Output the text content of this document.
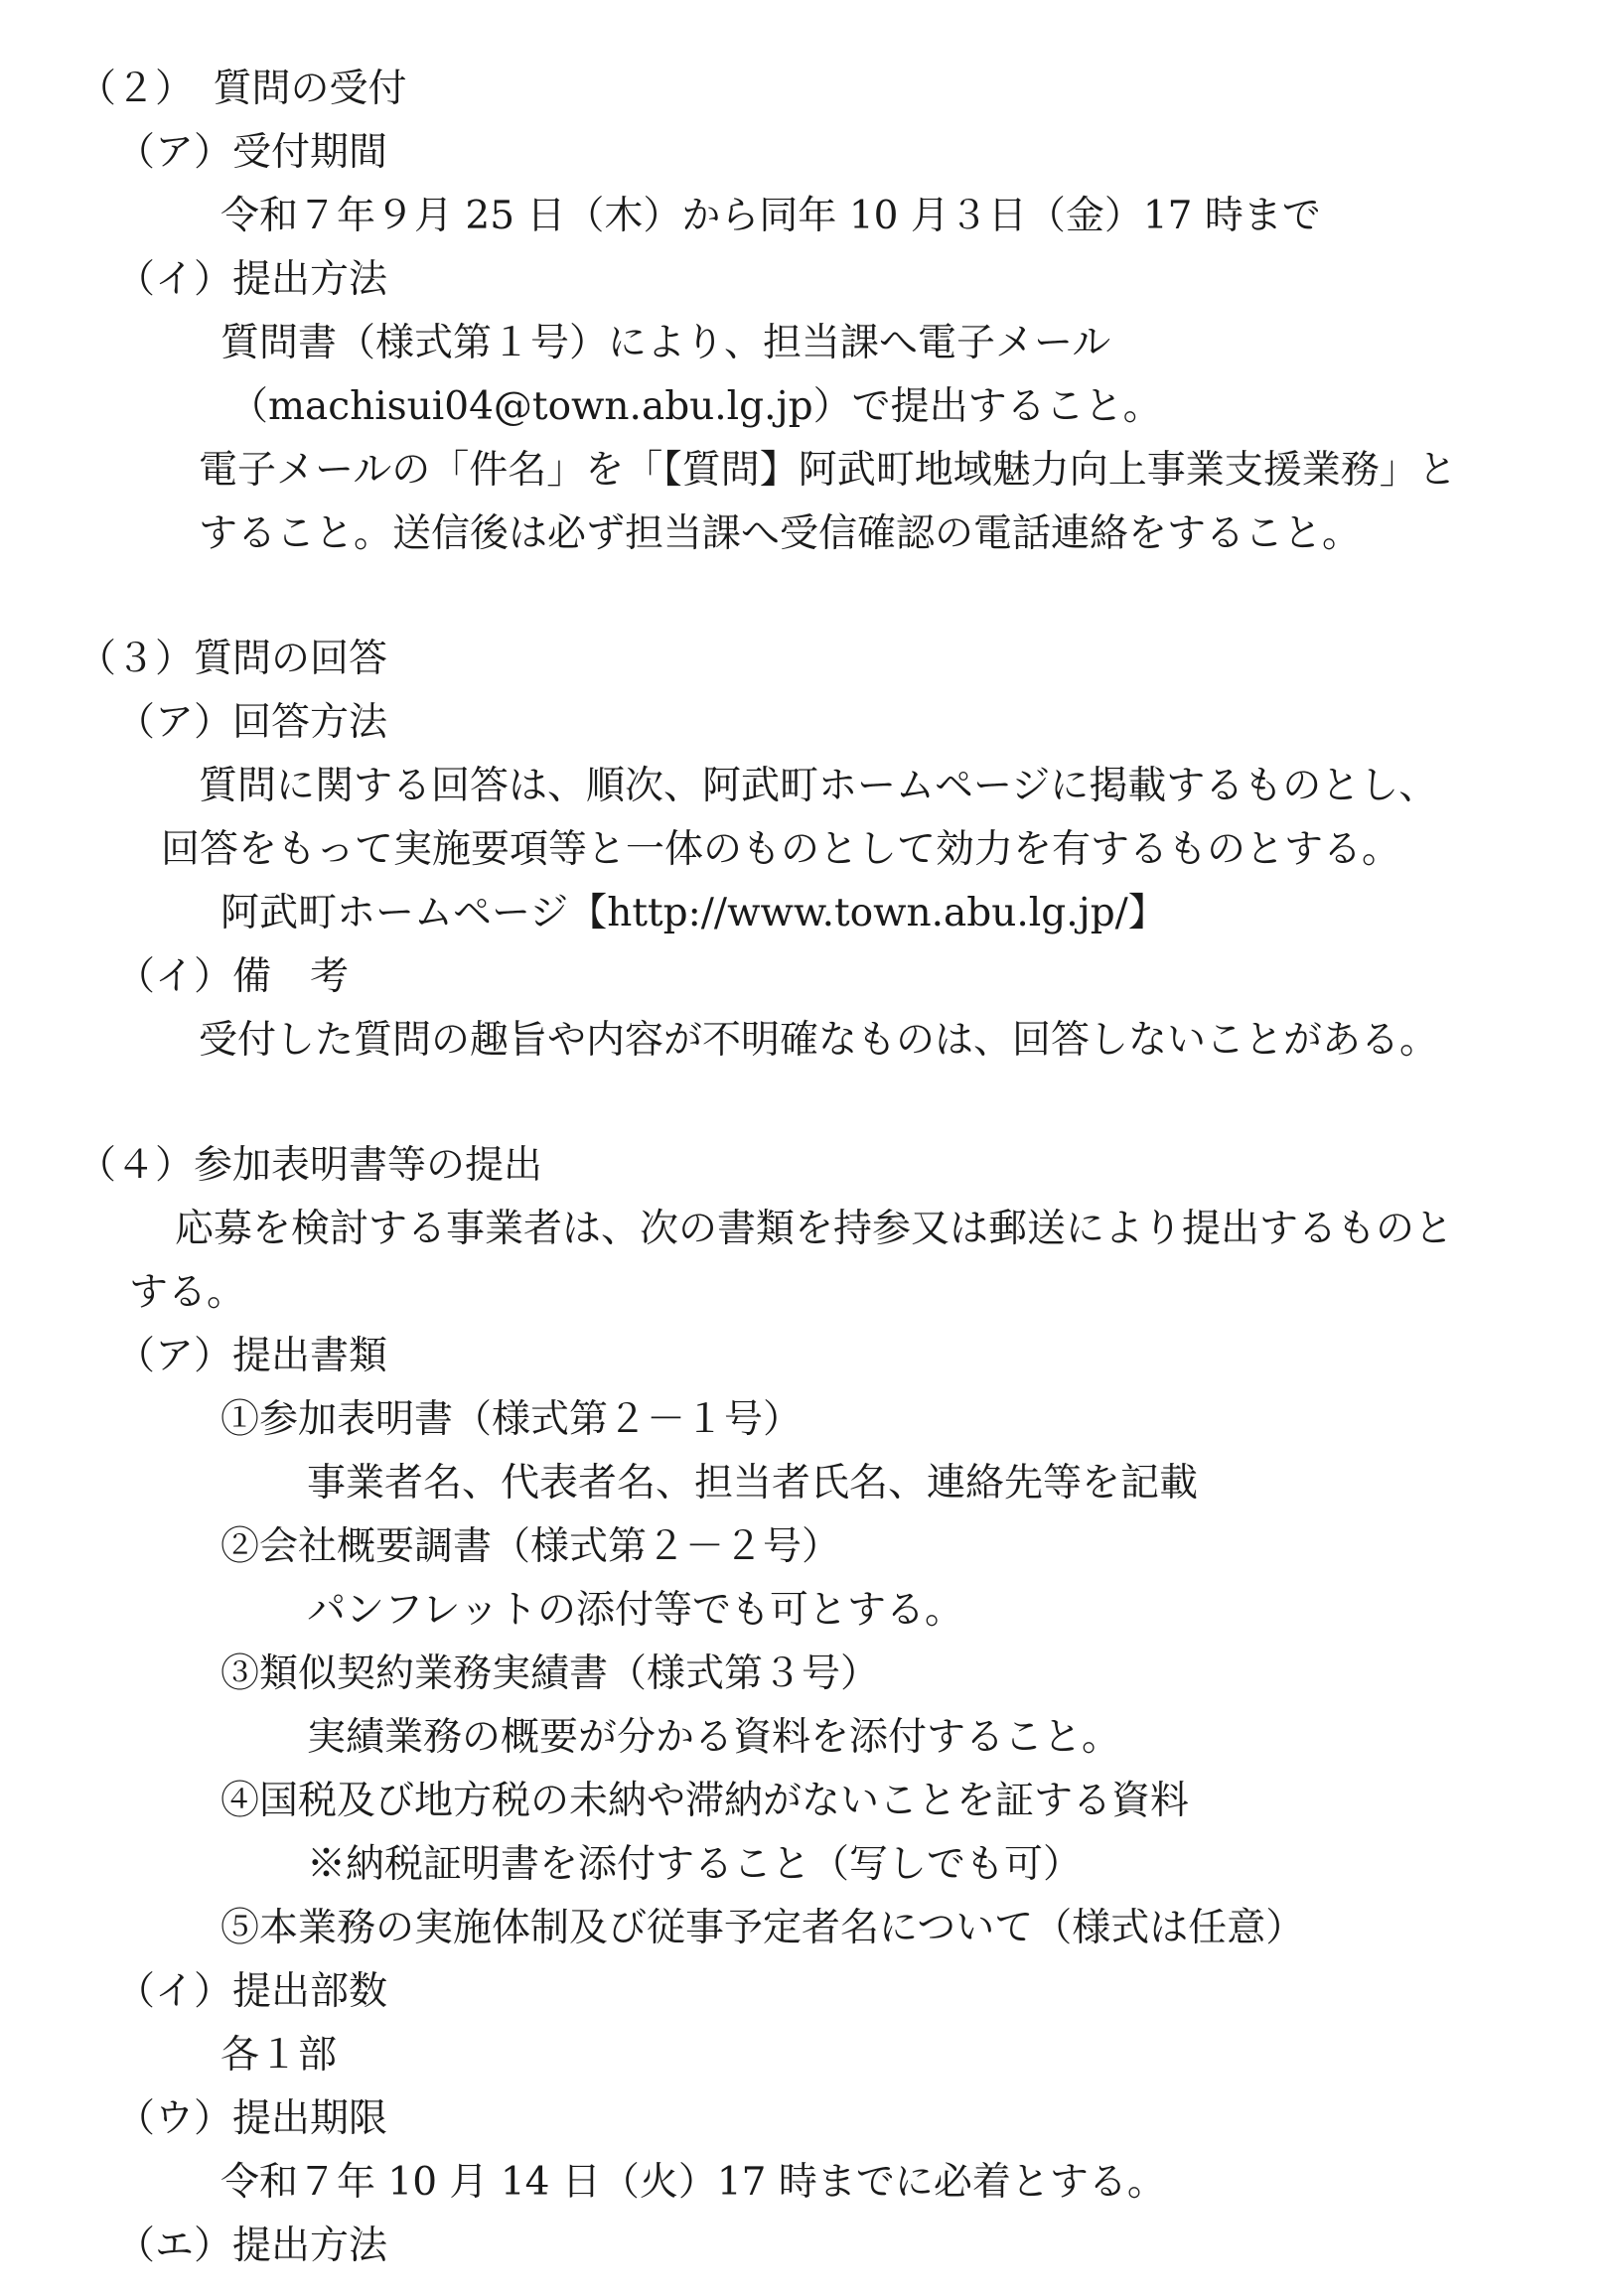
（２）　質問の受付
（ア）受付期間
令和７年９月 25 日（木）から同年 10 月３日（金）17 時まで
（イ）提出方法
質問書（様式第１号）により、担当課へ電子メール
（machisui04@town.abu.lg.jp）で提出すること。
電子メールの「件名」を「【質問】阿武町地域魅力向上事業支援業務」と
すること。送信後は必ず担当課へ受信確認の電話連絡をすること。
（３）質問の回答
（ア）回答方法
質問に関する回答は、順次、阿武町ホームページに掲載するものとし、
回答をもって実施要項等と一体のものとして効力を有するものとする。
阿武町ホームページ【http://www.town.abu.lg.jp/】
（イ）備　考
受付した質問の趣旨や内容が不明確なものは、回答しないことがある。
（４）参加表明書等の提出
応募を検討する事業者は、次の書類を持参又は郵送により提出するものと
する。
（ア）提出書類
①参加表明書（様式第２－１号）
事業者名、代表者名、担当者氏名、連絡先等を記載
②会社概要調書（様式第２－２号）
パンフレットの添付等でも可とする。
③類似契約業務実績書（様式第３号）
実績業務の概要が分かる資料を添付すること。
④国税及び地方税の未納や滞納がないことを証する資料
※納税証明書を添付すること（写しでも可）
⑤本業務の実施体制及び従事予定者名について（様式は任意）
（イ）提出部数
各１部
（ウ）提出期限
令和７年 10 月 14 日（火）17 時までに必着とする。
（エ）提出方法
